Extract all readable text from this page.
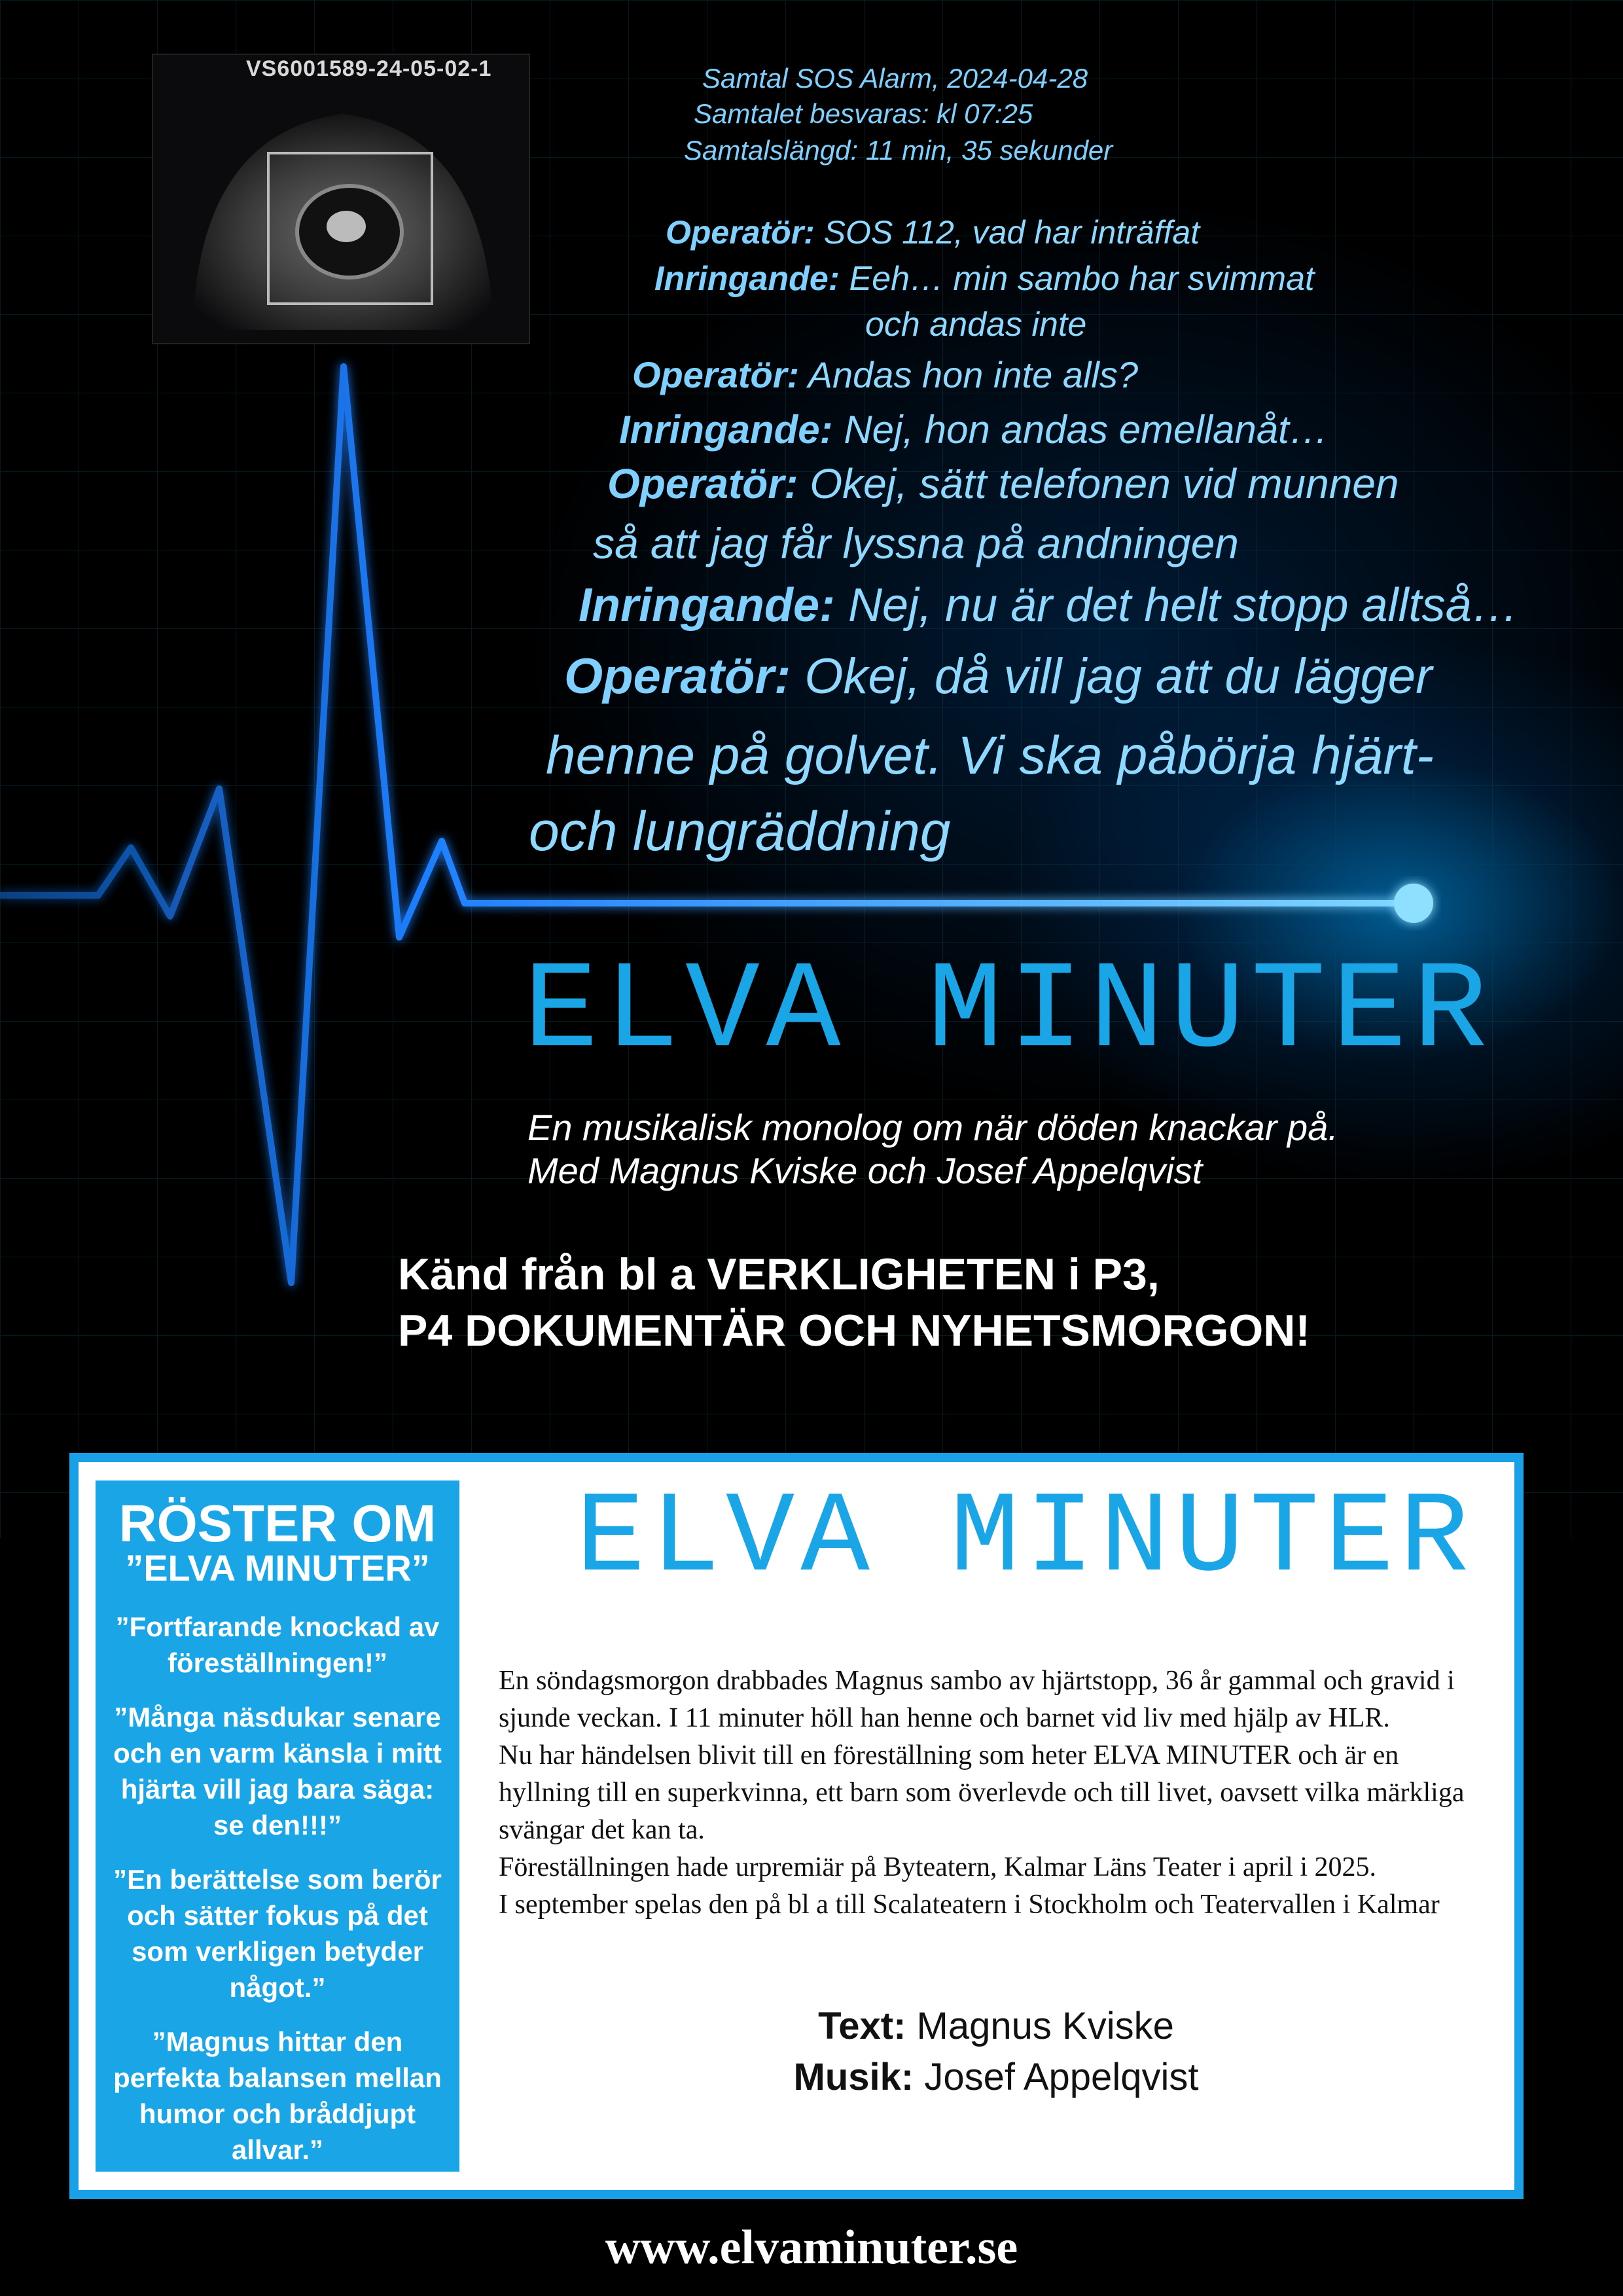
VS6001589-24-05-02-1	Samtal SOS Alarm, 2024-04-28
Samtalet besvaras: kl 07:25
Samtalslängd: 11 min, 35 sekunder
Operatör: SOS 112, vad har inträffat
Inringande: Eeh… min sambo har svimmat
och andas inte
Operatör: Andas hon inte alls?
Inringande: Nej, hon andas emellanåt…
Operatör: Okej, sätt telefonen vid munnen
så att jag får lyssna på andningen
Inringande: Nej, nu är det helt stopp alltså…
Operatör: Okej, då vill jag att du lägger
henne på golvet. Vi ska påbörja hjärt-
och lungräddning
ELVA MINUTER
En musikalisk monolog om när döden knackar på.
Med Magnus Kviske och Josef Appelqvist
Känd från bl a VERKLIGHETEN i P3,
P4 DOKUMENTÄR OCH NYHETSMORGON!
RÖSTER OM
”ELVA MINUTER”
”Fortfarande knockad av föreställningen!”
”Många näsdukar senare och en varm känsla i mitt hjärta vill jag bara säga: se den!!!”
”En berättelse som berör och sätter fokus på det som verkligen betyder något.”
”Magnus hittar den perfekta balansen mellan humor och bråddjupt allvar.”
ELVA MINUTER

En söndagsmorgon drabbades Magnus sambo av hjärtstopp, 36 år gammal och gravid i sjunde veckan. I 11 minuter höll han henne och barnet vid liv med hjälp av HLR.

Nu har händelsen blivit till en föreställning som heter ELVA MINUTER och är en hyllning till en superkvinna, ett barn som överlevde och till livet, oavsett vilka märkliga svängar det kan ta.

Föreställningen hade urpremiär på Byteatern, Kalmar Läns Teater i april i 2025.

I september spelas den på bl a till Scalateatern i Stockholm och Teatervallen i Kalmar

Text: Magnus Kviske
Musik: Josef Appelqvist
www.elvaminuter.se
